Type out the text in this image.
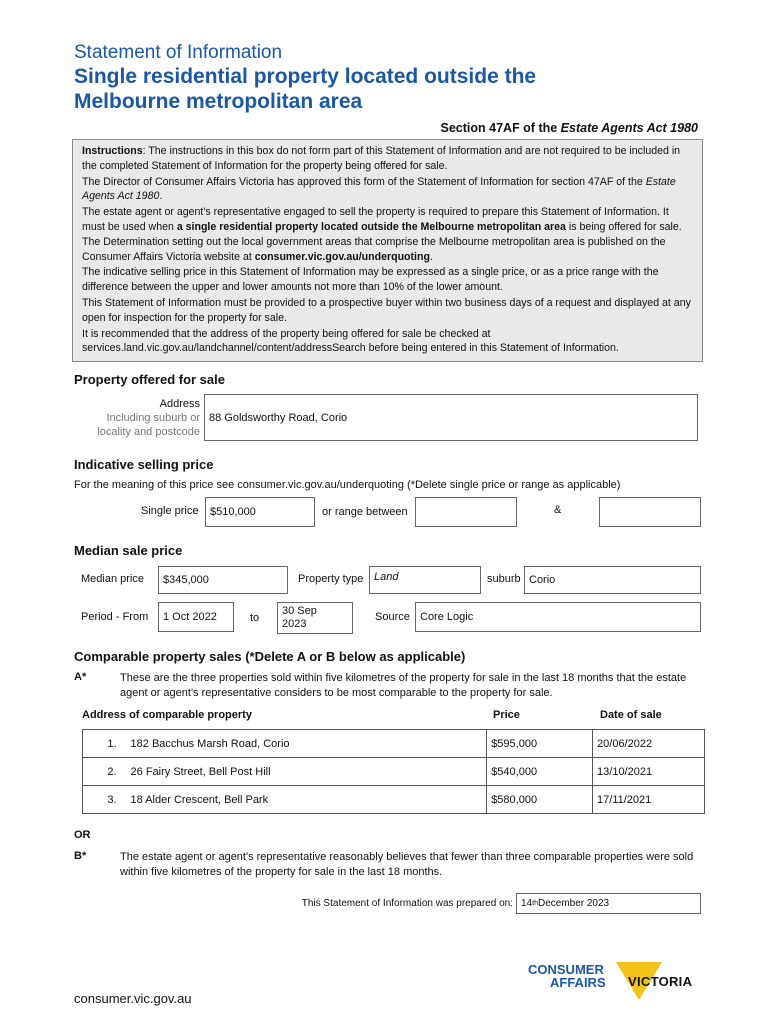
Statement of Information
Single residential property located outside the
Melbourne metropolitan area
Section 47AF of the Estate Agents Act 1980

Instructions: The instructions in this box do not form part of this Statement of Information and are not required to be included in the completed Statement of Information for the property being offered for sale.

The Director of Consumer Affairs Victoria has approved this form of the Statement of Information for section 47AF of the Estate Agents Act 1980.

The estate agent or agent's representative engaged to sell the property is required to prepare this Statement of Information. It must be used when a single residential property located outside the Melbourne metropolitan area is being offered for sale. The Determination setting out the local government areas that comprise the Melbourne metropolitan area is published on the Consumer Affairs Victoria website at consumer.vic.gov.au/underquoting.

The indicative selling price in this Statement of Information may be expressed as a single price, or as a price range with the difference between the upper and lower amounts not more than 10% of the lower amount.

This Statement of Information must be provided to a prospective buyer within two business days of a request and displayed at any open for inspection for the property for sale.

It is recommended that the address of the property being offered for sale be checked at services.land.vic.gov.au/landchannel/content/addressSearch before being entered in this Statement of Information.

Property offered for sale
Address
Including suburb or
locality and postcode
88 Goldsworthy Road, Corio
Indicative selling price
For the meaning of this price see consumer.vic.gov.au/underquoting (*Delete single price or range as applicable)
Single price	$510,000	or range between	&
Median sale price
Median price	$345,000	Property type Land	suburb Corio
Period - From	1 Oct 2022	to
30 Sep
2023
Source Core Logic
Comparable property sales (*Delete A or B below as applicable)
A*	These are the three properties sold within five kilometres of the property for sale in the last 18 months that the estate agent or agent's representative considers to be most comparable to the property for sale.
Address of comparable property	Price	Date of sale
1.	182 Bacchus Marsh Road, Corio	$595,000	20/06/2022
2.	26 Fairy Street, Bell Post Hill	$540,000	13/10/2021
3.	18 Alder Crescent, Bell Park	$580,000	17/11/2021
OR
B*	The estate agent or agent's representative reasonably believes that fewer than three comparable properties were sold within five kilometres of the property for sale in the last 18 months.
This Statement of Information was prepared on: 14 th December 2023
CONSUMER
AFFAIRS VICTORIA
consumer.vic.gov.au
